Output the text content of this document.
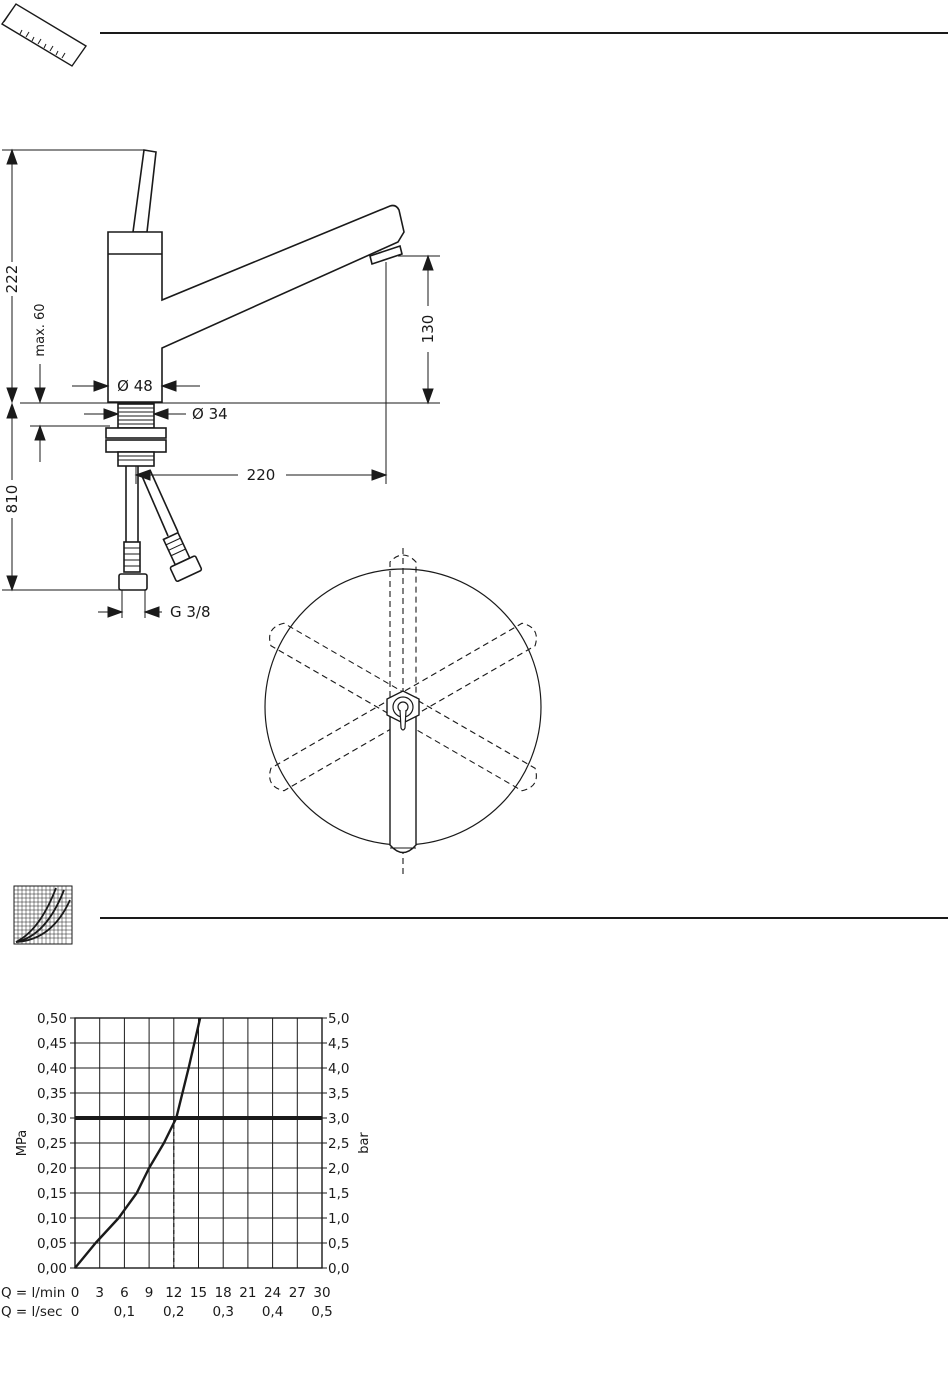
222
810
max. 60	130
Ø 48
Ø 34
220
G 3/8
0,00	0,0
0,05	0,5
0,10	1,0
0,15	1,5
0,20	2,0
0,25	2,5
0,30	3,0
0,35	3,5
0,40	4,0
0,45	4,5
0,50	5,0
0 3 6 9 12 15 18 21 24 27 30
0	0,1 0,2 0,3 0,4 0,5
MPa	bar
Q = l/min
Q = l/sec
